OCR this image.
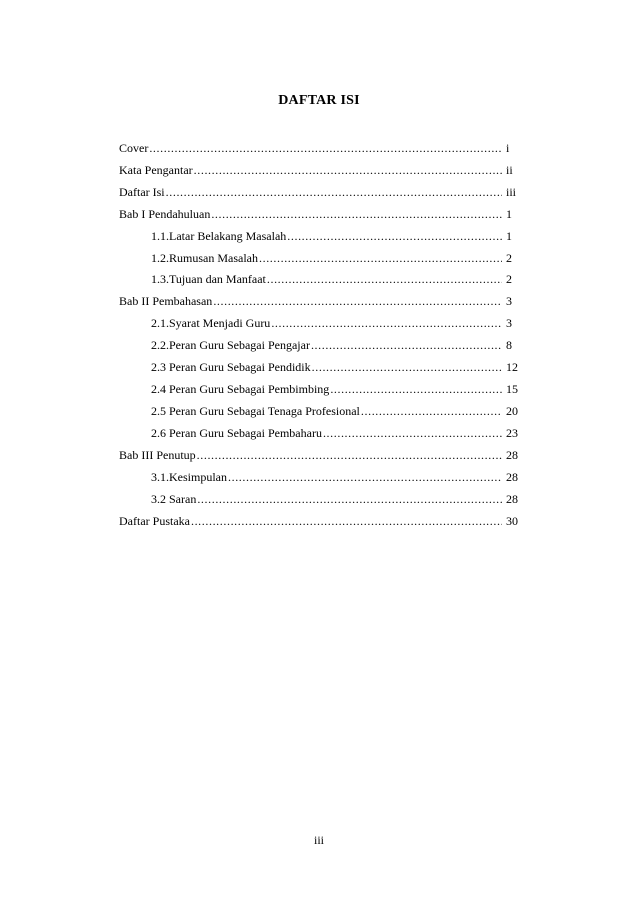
DAFTAR ISI
Cover .....	i
Kata Pengantar .....	ii
Daftar Isi .....	iii
Bab I Pendahuluan .....	1
1.1.Latar Belakang Masalah .....	1
1.2.Rumusan Masalah .....	2
1.3.Tujuan dan Manfaat .....	2
Bab II Pembahasan .....	3
2.1.Syarat Menjadi Guru .....	3
2.2.Peran Guru Sebagai Pengajar .....	8
2.3 Peran Guru Sebagai Pendidik .....	12
2.4 Peran Guru Sebagai Pembimbing .....	15
2.5 Peran Guru Sebagai Tenaga Profesional .....	20
2.6 Peran Guru Sebagai Pembaharu .....	23
Bab III Penutup .....	28
3.1.Kesimpulan .....	28
3.2 Saran .....	28
Daftar Pustaka .....	30
iii
